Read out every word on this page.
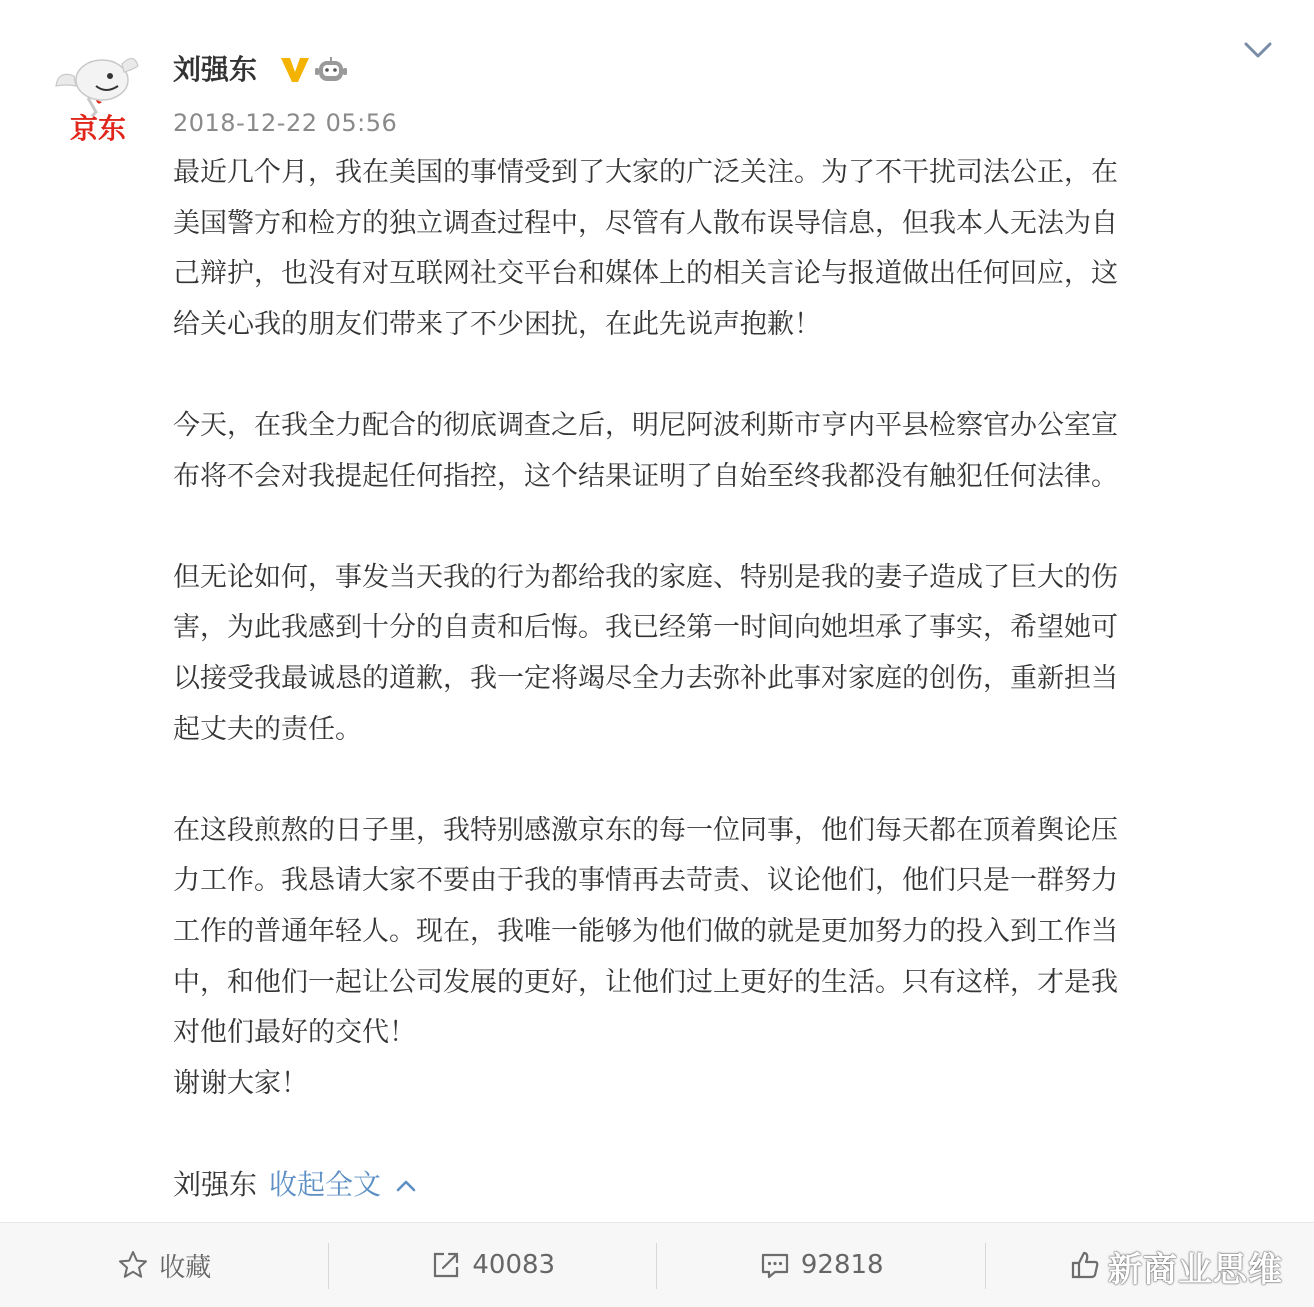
京东
刘强东
2018-12-22 05:56

最近几个月，我在美国的事情受到了大家的广泛关注。为了不干扰司法公正，在

美国警方和检方的独立调查过程中，尽管有人散布误导信息，但我本人无法为自

己辩护，也没有对互联网社交平台和媒体上的相关言论与报道做出任何回应，这

给关心我的朋友们带来了不少困扰，在此先说声抱歉！

今天，在我全力配合的彻底调查之后，明尼阿波利斯市亨内平县检察官办公室宣

布将不会对我提起任何指控，这个结果证明了自始至终我都没有触犯任何法律。

但无论如何，事发当天我的行为都给我的家庭、特别是我的妻子造成了巨大的伤

害，为此我感到十分的自责和后悔。我已经第一时间向她坦承了事实，希望她可

以接受我最诚恳的道歉，我一定将竭尽全力去弥补此事对家庭的创伤，重新担当

起丈夫的责任。

在这段煎熬的日子里，我特别感激京东的每一位同事，他们每天都在顶着舆论压

力工作。我恳请大家不要由于我的事情再去苛责、议论他们，他们只是一群努力

工作的普通年轻人。现在，我唯一能够为他们做的就是更加努力的投入到工作当

中，和他们一起让公司发展的更好，让他们过上更好的生活。只有这样，才是我

对他们最好的交代！

谢谢大家！

刘强东 收起全文
收藏	40083	92818	新商业思维
